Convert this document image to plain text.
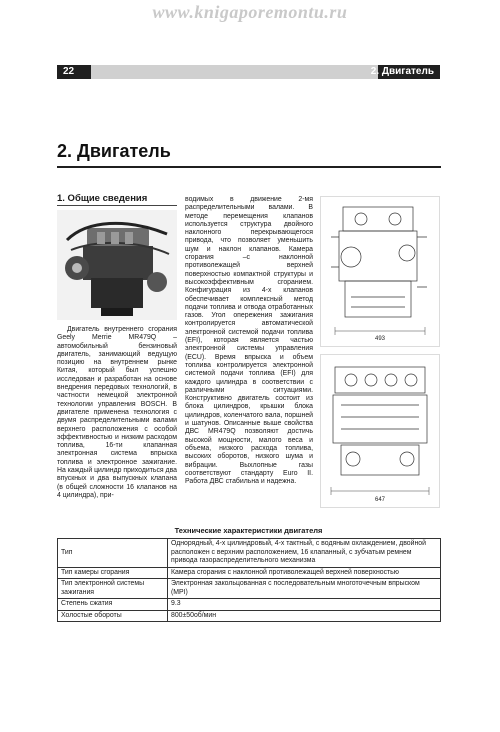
www.knigaporemontu.ru
22	2. Двигатель
2. Двигатель
1. Общие сведения
Двигатель внутреннего сгорания Geely Merrie MR479Q – автомобильный бензиновый двигатель, занимающий ведущую позицию на внутреннем рынке Китая, который был успешно исследован и разработан на основе внедрения передовых технологий, в частности немецкой электронной технологии управления BOSCH. В двигателе применена технология с двумя распределительными валами верхнего расположения с особой эффективностью и низким расходом топлива, 16-ти клапанная электронная система впрыска топлива и электронное зажигание. На каждый цилиндр приходиться два впускных и два выпускных клапана (в общей сложности 16 клапанов на 4 цилиндра), при-
водимых в движение 2-мя распределительными валами. В методе перемещения клапанов используется структура двойного наклонного перекрывающегося привода, что позволяет уменьшить шум и наклон клапанов. Камера сгорания –с наклонной противолежащей верхней поверхностью компактной структуры и высокоэффективным сгоранием. Конфигурация из 4-х клапанов обеспечивает комплексный метод подачи топлива и отвода отработанных газов. Угол опережения зажигания контролируется автоматической электронной системой подачи топлива (EFI), которая является частью электронной системы управления (ECU). Время впрыска и объем топлива контролируется электронной системой подачи топлива (EFI) для каждого цилиндра в соответствии с различными ситуациями. Конструктивно двигатель состоит из блока цилиндров, крышки блока цилиндров, коленчатого вала, поршней и шатунов. Описанные выше свойства ДВС MR479Q позволяют достичь высокой мощности, малого веса и объема, низкого расхода топлива, высоких оборотов, низкого шума и вибрации. Выхлопные газы соответствуют стандарту Euro II. Работа ДВС стабильна и надежна.
493
647
Технические характеристики двигателя
Тип	Однорядный, 4-х цилиндровый, 4-х тактный, с водяным охлаждением, двойной расположен с верхним расположением, 16 клапанный, с зубчатым ремнем привода газораспределительного механизма
Тип камеры сгорания	Камера сгорания с наклонной противолежащей верхней поверхностью
Тип электронной системы зажигания	Электронная закольцованная с последовательным многоточечным впрыском (MPI)
Степень сжатия	9.3
Холостые обороты	800±50об/мин
